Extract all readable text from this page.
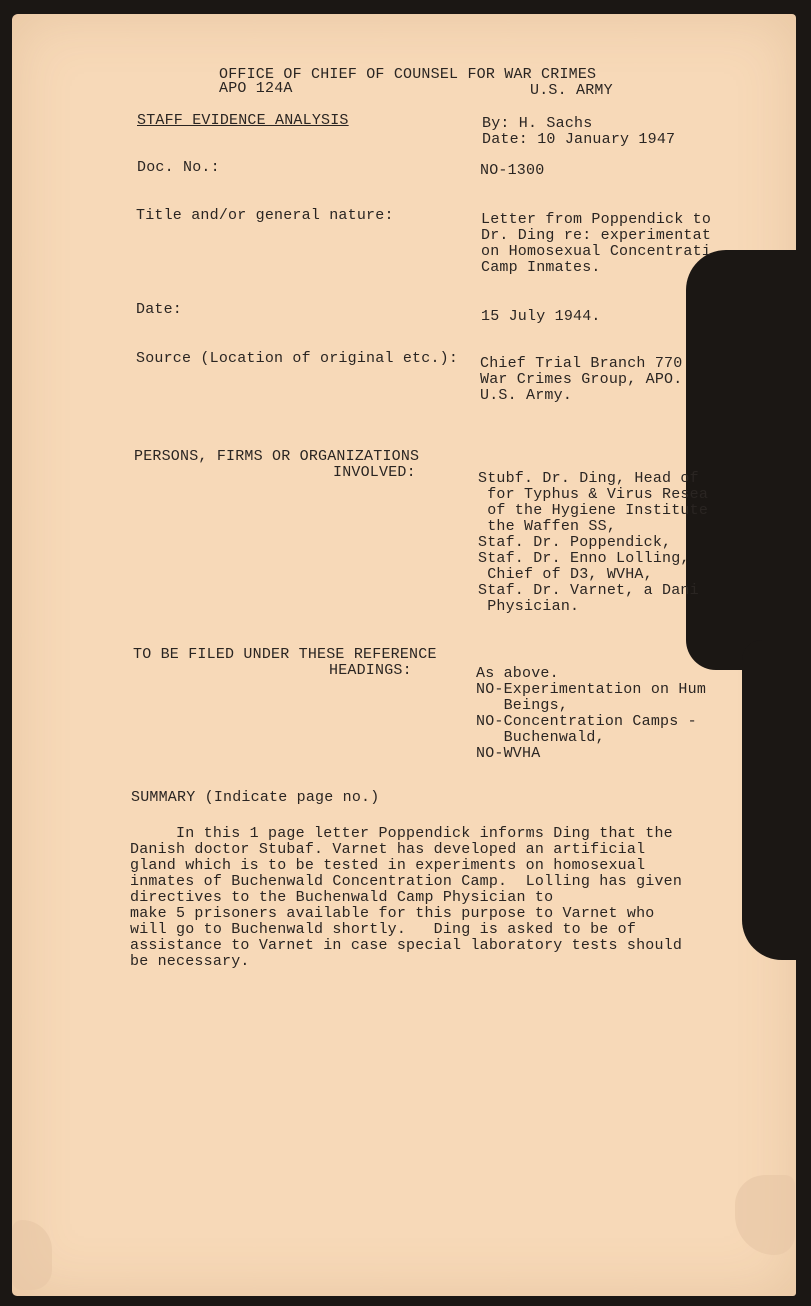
OFFICE OF CHIEF OF COUNSEL FOR WAR CRIMES
APO 124A	U.S. ARMY
STAFF EVIDENCE ANALYSIS	By: H. Sachs
Date: 10 January 1947
Doc. No.:	NO-1300
Title and/or general nature:	Letter from Poppendick to
Dr. Ding re: experimentat
on Homosexual Concentrati
Camp Inmates.
Date:	15 July 1944.
Source (Location of original etc.): Chief Trial Branch 770
War Crimes Group, APO.
U.S. Army.
PERSONS, FIRMS OR ORGANIZATIONS
INVOLVED:	Stubf. Dr. Ding, Head of
for Typhus & Virus Resea
of the Hygiene Institute
the Waffen SS,
Staf. Dr. Poppendick,
Staf. Dr. Enno Lolling,
Chief of D3, WVHA,
Staf. Dr. Varnet, a Dani
Physician.
TO BE FILED UNDER THESE REFERENCE
HEADINGS:	As above.
NO-Experimentation on Hum
Beings,
NO-Concentration Camps -
Buchenwald,
NO-WVHA
SUMMARY (Indicate page no.)
In this 1 page letter Poppendick informs Ding that the
Danish doctor Stubaf. Varnet has developed an artificial
gland which is to be tested in experiments on homosexual
inmates of Buchenwald Concentration Camp.  Lolling has given
directives to the Buchenwald Camp Physician to
make 5 prisoners available for this purpose to Varnet who
will go to Buchenwald shortly.   Ding is asked to be of
assistance to Varnet in case special laboratory tests should
be necessary.
